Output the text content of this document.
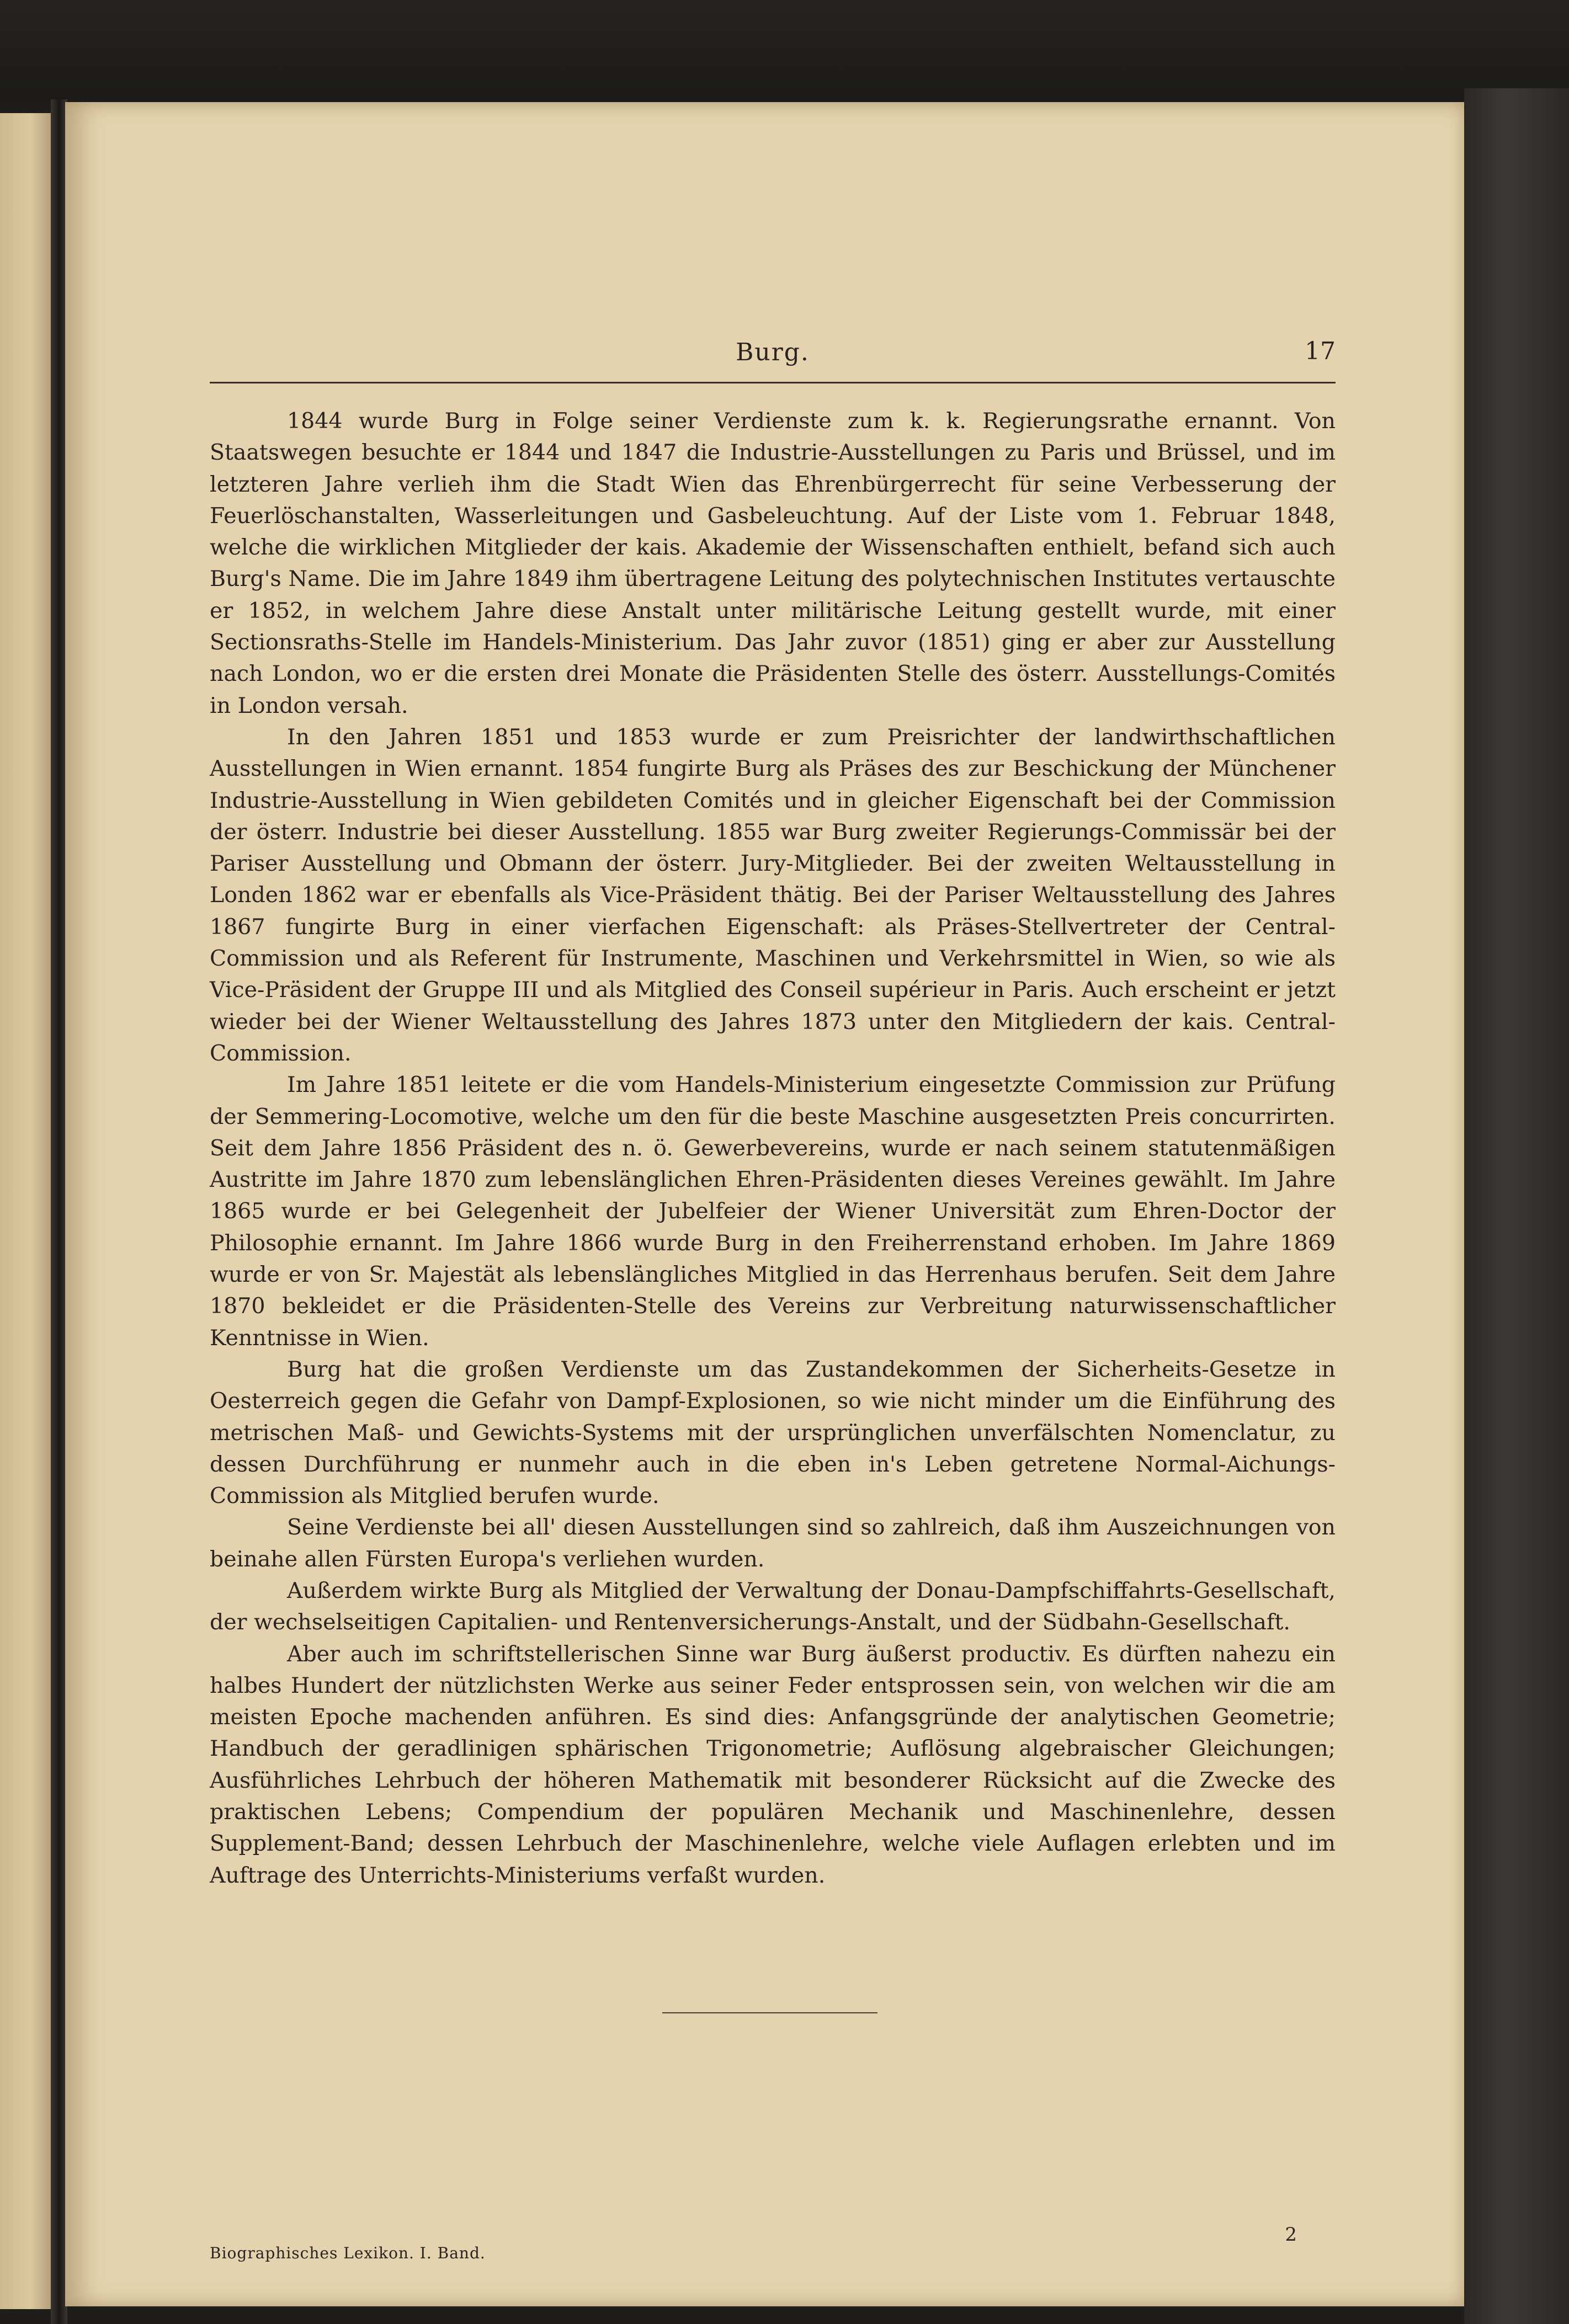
Burg.	17

1844 wurde Burg in Folge seiner Verdienste zum k. k. Regierungsrathe ernannt. Von Staatswegen besuchte er 1844 und 1847 die Industrie-Ausstellungen zu Paris und Brüssel, und im letzteren Jahre verlieh ihm die Stadt Wien das Ehrenbürgerrecht für seine Verbesserung der Feuerlöschanstalten, Wasserleitungen und Gasbeleuchtung. Auf der Liste vom 1. Februar 1848, welche die wirklichen Mitglieder der kais. Akademie der Wissenschaften enthielt, befand sich auch Burg's Name. Die im Jahre 1849 ihm übertragene Leitung des polytechnischen Institutes vertauschte er 1852, in welchem Jahre diese Anstalt unter militärische Leitung gestellt wurde, mit einer Sectionsraths-Stelle im Handels-Ministerium. Das Jahr zuvor (1851) ging er aber zur Ausstellung nach London, wo er die ersten drei Monate die Präsidenten Stelle des österr. Ausstellungs-Comités in London versah.

In den Jahren 1851 und 1853 wurde er zum Preisrichter der landwirthschaftlichen Ausstellungen in Wien ernannt. 1854 fungirte Burg als Präses des zur Beschickung der Münchener Industrie-Ausstellung in Wien gebildeten Comités und in gleicher Eigenschaft bei der Commission der österr. Industrie bei dieser Ausstellung. 1855 war Burg zweiter Regierungs-Commissär bei der Pariser Ausstellung und Obmann der österr. Jury-Mitglieder. Bei der zweiten Weltausstellung in Londen 1862 war er ebenfalls als Vice-Präsident thätig. Bei der Pariser Weltausstellung des Jahres 1867 fungirte Burg in einer vierfachen Eigenschaft: als Präses-Stellvertreter der Central-Commission und als Referent für Instrumente, Maschinen und Verkehrsmittel in Wien, so wie als Vice-Präsident der Gruppe III und als Mitglied des Conseil supérieur in Paris. Auch erscheint er jetzt wieder bei der Wiener Weltausstellung des Jahres 1873 unter den Mitgliedern der kais. Central-Commission.

Im Jahre 1851 leitete er die vom Handels-Ministerium eingesetzte Commission zur Prüfung der Semmering-Locomotive, welche um den für die beste Maschine ausgesetzten Preis concurrirten. Seit dem Jahre 1856 Präsident des n. ö. Gewerbevereins, wurde er nach seinem statutenmäßigen Austritte im Jahre 1870 zum lebenslänglichen Ehren-Präsidenten dieses Vereines gewählt. Im Jahre 1865 wurde er bei Gelegenheit der Jubelfeier der Wiener Universität zum Ehren-Doctor der Philosophie ernannt. Im Jahre 1866 wurde Burg in den Freiherrenstand erhoben. Im Jahre 1869 wurde er von Sr. Majestät als lebenslängliches Mitglied in das Herrenhaus berufen. Seit dem Jahre 1870 bekleidet er die Präsidenten-Stelle des Vereins zur Verbreitung naturwissenschaftlicher Kenntnisse in Wien.

Burg hat die großen Verdienste um das Zustandekommen der Sicherheits-Gesetze in Oesterreich gegen die Gefahr von Dampf-Explosionen, so wie nicht minder um die Einführung des metrischen Maß- und Gewichts-Systems mit der ursprünglichen unverfälschten Nomenclatur, zu dessen Durchführung er nunmehr auch in die eben in's Leben getretene Normal-Aichungs-Commission als Mitglied berufen wurde.

Seine Verdienste bei all' diesen Ausstellungen sind so zahlreich, daß ihm Auszeichnungen von beinahe allen Fürsten Europa's verliehen wurden.

Außerdem wirkte Burg als Mitglied der Verwaltung der Donau-Dampfschiffahrts-Gesellschaft, der wechselseitigen Capitalien- und Rentenversicherungs-Anstalt, und der Südbahn-Gesellschaft.

Aber auch im schriftstellerischen Sinne war Burg äußerst productiv. Es dürften nahezu ein halbes Hundert der nützlichsten Werke aus seiner Feder entsprossen sein, von welchen wir die am meisten Epoche machenden anführen. Es sind dies: Anfangsgründe der analytischen Geometrie; Handbuch der geradlinigen sphärischen Trigonometrie; Auflösung algebraischer Gleichungen; Ausführliches Lehrbuch der höheren Mathematik mit besonderer Rücksicht auf die Zwecke des praktischen Lebens; Compendium der populären Mechanik und Maschinenlehre, dessen Supplement-Band; dessen Lehrbuch der Maschinenlehre, welche viele Auflagen erlebten und im Auftrage des Unterrichts-Ministeriums verfaßt wurden.

Biographisches Lexikon. I. Band.
2
